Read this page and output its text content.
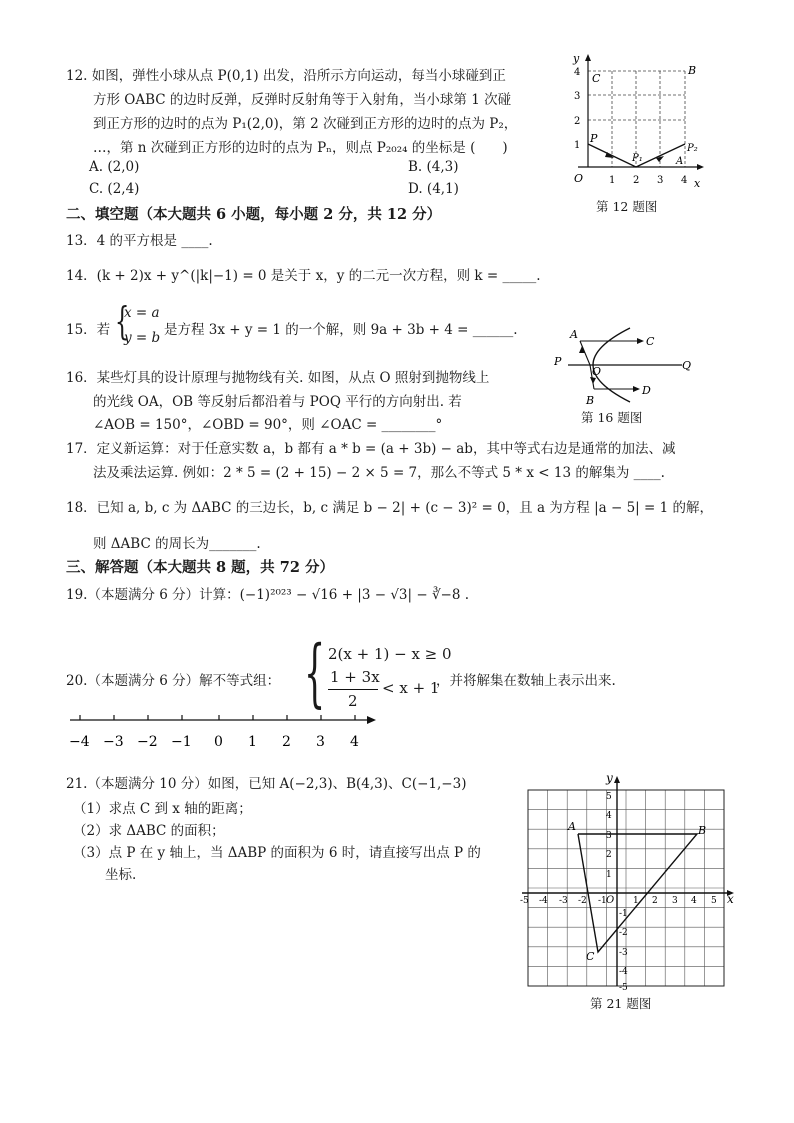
12. 如图，弹性小球从点 P(0,1) 出发，沿所示方向运动，每当小球碰到正
方形 OABC 的边时反弹，反弹时反射角等于入射角，当小球第 1 次碰
到正方形的边时的点为 P₁(2,0)，第 2 次碰到正方形的边时的点为 P₂，
…，第 n 次碰到正方形的边时的点为 Pₙ，则点 P₂₀₂₄ 的坐标是 (　　)
A. (2,0)	B. (4,3)
C. (2,4)	D. (4,1)
y
x
O
C
B
P
P₁
P₂
A
1 2 3 4
1
2
3
4
第 12 题图
二、填空题（本大题共 6 小题，每小题 2 分，共 12 分）
13．4 的平方根是 ____.
14．(k + 2)x + y^(|k|−1) = 0 是关于 x，y 的二元一次方程，则 k = _____.
15．若 {
x = a
y = b 是方程 3x + y = 1 的一个解，则 9a + 3b + 4 = ______.
16．某些灯具的设计原理与抛物线有关. 如图，从点 O 照射到抛物线上
的光线 OA，OB 等反射后都沿着与 POQ 平行的方向射出. 若
∠AOB = 150°，∠OBD = 90°，则 ∠OAC = ________°
A
C
P
O	Q
B
D
第 16 题图
17．定义新运算：对于任意实数 a，b 都有 a * b = (a + 3b) − ab，其中等式右边是通常的加法、减
法及乘法运算. 例如：2 * 5 = (2 + 15) − 2 × 5 = 7，那么不等式 5 * x < 13 的解集为 ____.
18．已知 a, b, c 为 ΔABC 的三边长，b, c 满足 b − 2| + (c − 3)² = 0，且 a 为方程 |a − 5| = 1 的解，
则 ΔABC 的周长为_______.
三、解答题（本大题共 8 题，共 72 分）
19.（本题满分 6 分）计算：(−1)²⁰²³ − √16 + |3 − √3| − ∛−8 .
20.（本题满分 6 分）解不等式组： { 2(x + 1) − x ≥ 0
1 + 3x
2
< x + 1
，并将解集在数轴上表示出来.
−4 −3 −2 −1 0 1 2 3 4
21.（本题满分 10 分）如图，已知 A(−2,3)、B(4,3)、C(−1,−3)
（1）求点 C 到 x 轴的距离；
（2）求 ΔABC 的面积；
（3）点 P 在 y 轴上，当 ΔABP 的面积为 6 时，请直接写出点 P 的
坐标.
-5 -4 -3 -2 -1	1 2 3 4 5
5
4
3
2
1
-1
-2
-3
-4
-5
A	B
C
O	x
y
第 21 题图
